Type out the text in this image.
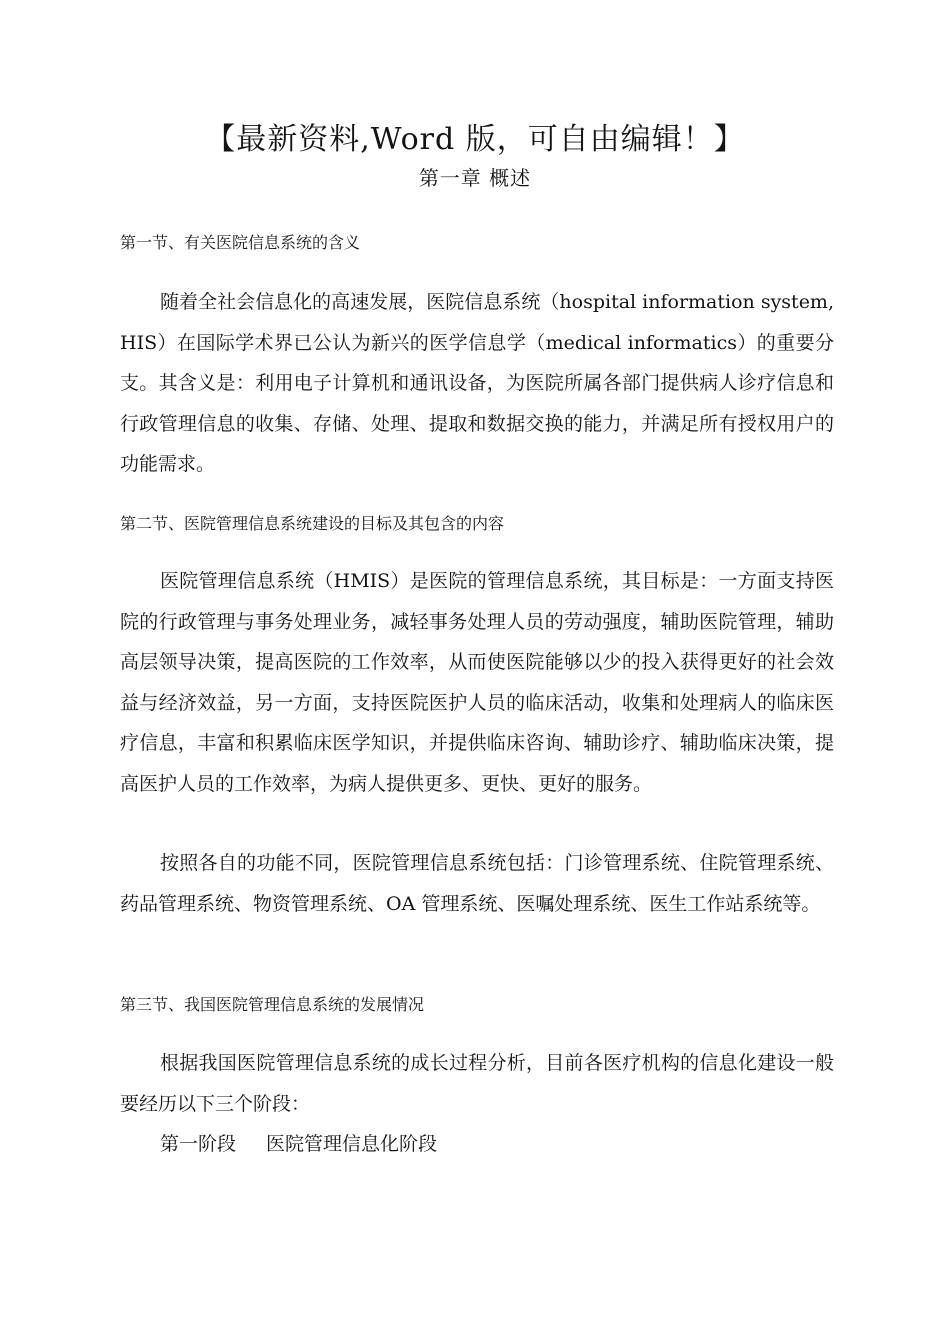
【最新资料,Word 版，可自由编辑！】
第一章 概述
第一节、有关医院信息系统的含义
随着全社会信息化的高速发展，医院信息系统（hospital information system,HIS）在国际学术界已公认为新兴的医学信息学（medical informatics）的重要分支。其含义是：利用电子计算机和通讯设备，为医院所属各部门提供病人诊疗信息和行政管理信息的收集、存储、处理、提取和数据交换的能力，并满足所有授权用户的功能需求。
第二节、医院管理信息系统建设的目标及其包含的内容
医院管理信息系统（HMIS）是医院的管理信息系统，其目标是：一方面支持医院的行政管理与事务处理业务，减轻事务处理人员的劳动强度，辅助医院管理，辅助高层领导决策，提高医院的工作效率，从而使医院能够以少的投入获得更好的社会效益与经济效益，另一方面，支持医院医护人员的临床活动，收集和处理病人的临床医疗信息，丰富和积累临床医学知识，并提供临床咨询、辅助诊疗、辅助临床决策，提高医护人员的工作效率，为病人提供更多、更快、更好的服务。
按照各自的功能不同，医院管理信息系统包括：门诊管理系统、住院管理系统、药品管理系统、物资管理系统、OA 管理系统、医嘱处理系统、医生工作站系统等。
第三节、我国医院管理信息系统的发展情况
根据我国医院管理信息系统的成长过程分析，目前各医疗机构的信息化建设一般要经历以下三个阶段：
第一阶段 医院管理信息化阶段
